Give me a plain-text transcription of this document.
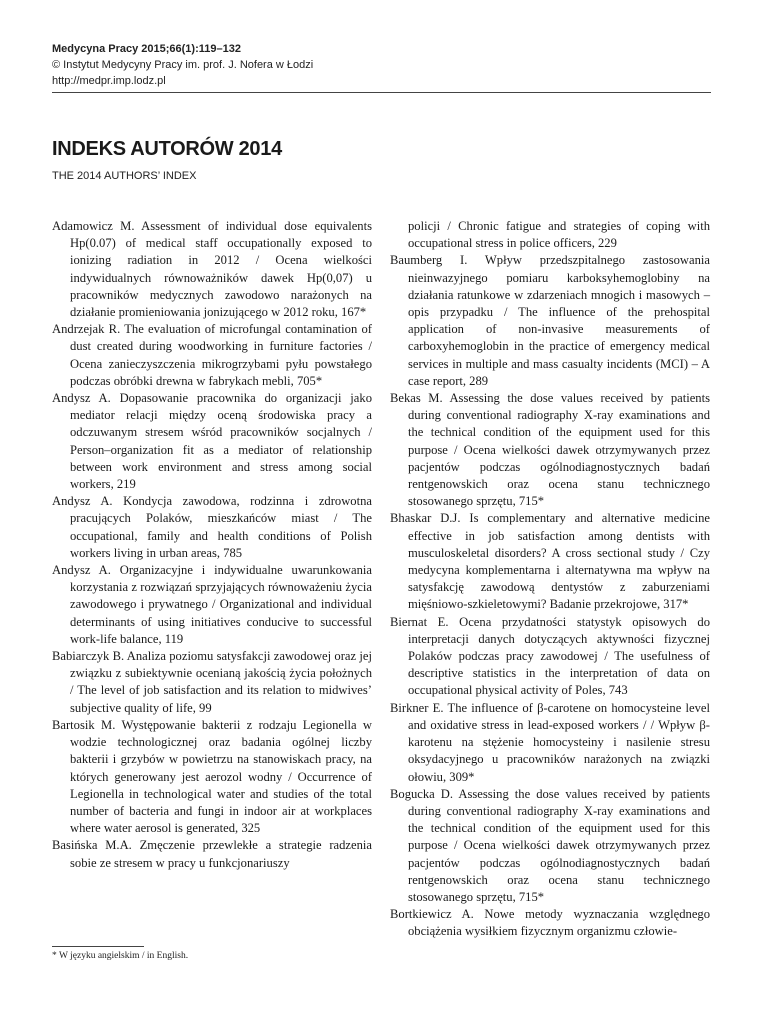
Medycyna Pracy 2015;66(1):119–132
© Instytut Medycyny Pracy im. prof. J. Nofera w Łodzi
http://medpr.imp.lodz.pl
INDEKS AUTORÓW 2014
THE 2014 AUTHORS’ INDEX

Adamowicz M. Assessment of individual dose equivalents Hp(0.07) of medical staff occupationally exposed to ionizing radiation in 2012 / Ocena wielkości indywidualnych równoważników dawek Hp(0,07) u pracowników medycznych zawodowo narażonych na działanie promieniowania jonizującego w 2012 roku, 167*

Andrzejak R. The evaluation of microfungal contamination of dust created during woodworking in furniture factories / Ocena zanieczyszczenia mikrogrzybami pyłu powstałego podczas obróbki drewna w fabrykach mebli, 705*

Andysz A. Dopasowanie pracownika do organizacji jako mediator relacji między oceną środowiska pracy a odczuwanym stresem wśród pracowników socjalnych / Person–organization fit as a mediator of relationship between work environment and stress among social workers, 219

Andysz A. Kondycja zawodowa, rodzinna i zdrowotna pracujących Polaków, mieszkańców miast / The occupational, family and health conditions of Polish workers living in urban areas, 785

Andysz A. Organizacyjne i indywidualne uwarunkowania korzystania z rozwiązań sprzyjających równoważeniu życia zawodowego i prywatnego / Organizational and individual determinants of using initiatives conducive to successful work-life balance, 119

Babiarczyk B. Analiza poziomu satysfakcji zawodowej oraz jej związku z subiektywnie ocenianą jakością życia położnych / The level of job satisfaction and its relation to midwives’ subjective quality of life, 99

Bartosik M. Występowanie bakterii z rodzaju Legionella w wodzie technologicznej oraz badania ogólnej liczby bakterii i grzybów w powietrzu na stanowiskach pracy, na których generowany jest aerozol wodny / Occurrence of Legionella in technological water and studies of the total number of bacteria and fungi in indoor air at workplaces where water aerosol is generated, 325

Basińska M.A. Zmęczenie przewlekłe a strategie radzenia sobie ze stresem w pracy u funkcjonariuszy

policji / Chronic fatigue and strategies of coping with occupational stress in police officers, 229

Baumberg I. Wpływ przedszpitalnego zastosowania nieinwazyjnego pomiaru karboksyhemoglobiny na działania ratunkowe w zdarzeniach mnogich i masowych – opis przypadku / The influence of the prehospital application of non-invasive measurements of carboxyhemoglobin in the practice of emergency medical services in multiple and mass casualty incidents (MCI) – A case report, 289

Bekas M. Assessing the dose values received by patients during conventional radiography X-ray examinations and the technical condition of the equipment used for this purpose / Ocena wielkości dawek otrzymywanych przez pacjentów podczas ogólnodiagnostycznych badań rentgenowskich oraz ocena stanu technicznego stosowanego sprzętu, 715*

Bhaskar D.J. Is complementary and alternative medicine effective in job satisfaction among dentists with musculoskeletal disorders? A cross sectional study / Czy medycyna komplementarna i alternatywna ma wpływ na satysfakcję zawodową dentystów z zaburzeniami mięśniowo-szkieletowymi? Badanie przekrojowe, 317*

Biernat E. Ocena przydatności statystyk opisowych do interpretacji danych dotyczących aktywności fizycznej Polaków podczas pracy zawodowej / The usefulness of descriptive statistics in the interpretation of data on occupational physical activity of Poles, 743

Birkner E. The influence of β-carotene on homocysteine level and oxidative stress in lead-exposed workers / / Wpływ β-karotenu na stężenie homocysteiny i nasilenie stresu oksydacyjnego u pracowników narażonych na związki ołowiu, 309*

Bogucka D. Assessing the dose values received by patients during conventional radiography X-ray examinations and the technical condition of the equipment used for this purpose / Ocena wielkości dawek otrzymywanych przez pacjentów podczas ogólnodiagnostycznych badań rentgenowskich oraz ocena stanu technicznego stosowanego sprzętu, 715*

Bortkiewicz A. Nowe metody wyznaczania względnego obciążenia wysiłkiem fizycznym organizmu człowie-

* W języku angielskim / in English.
